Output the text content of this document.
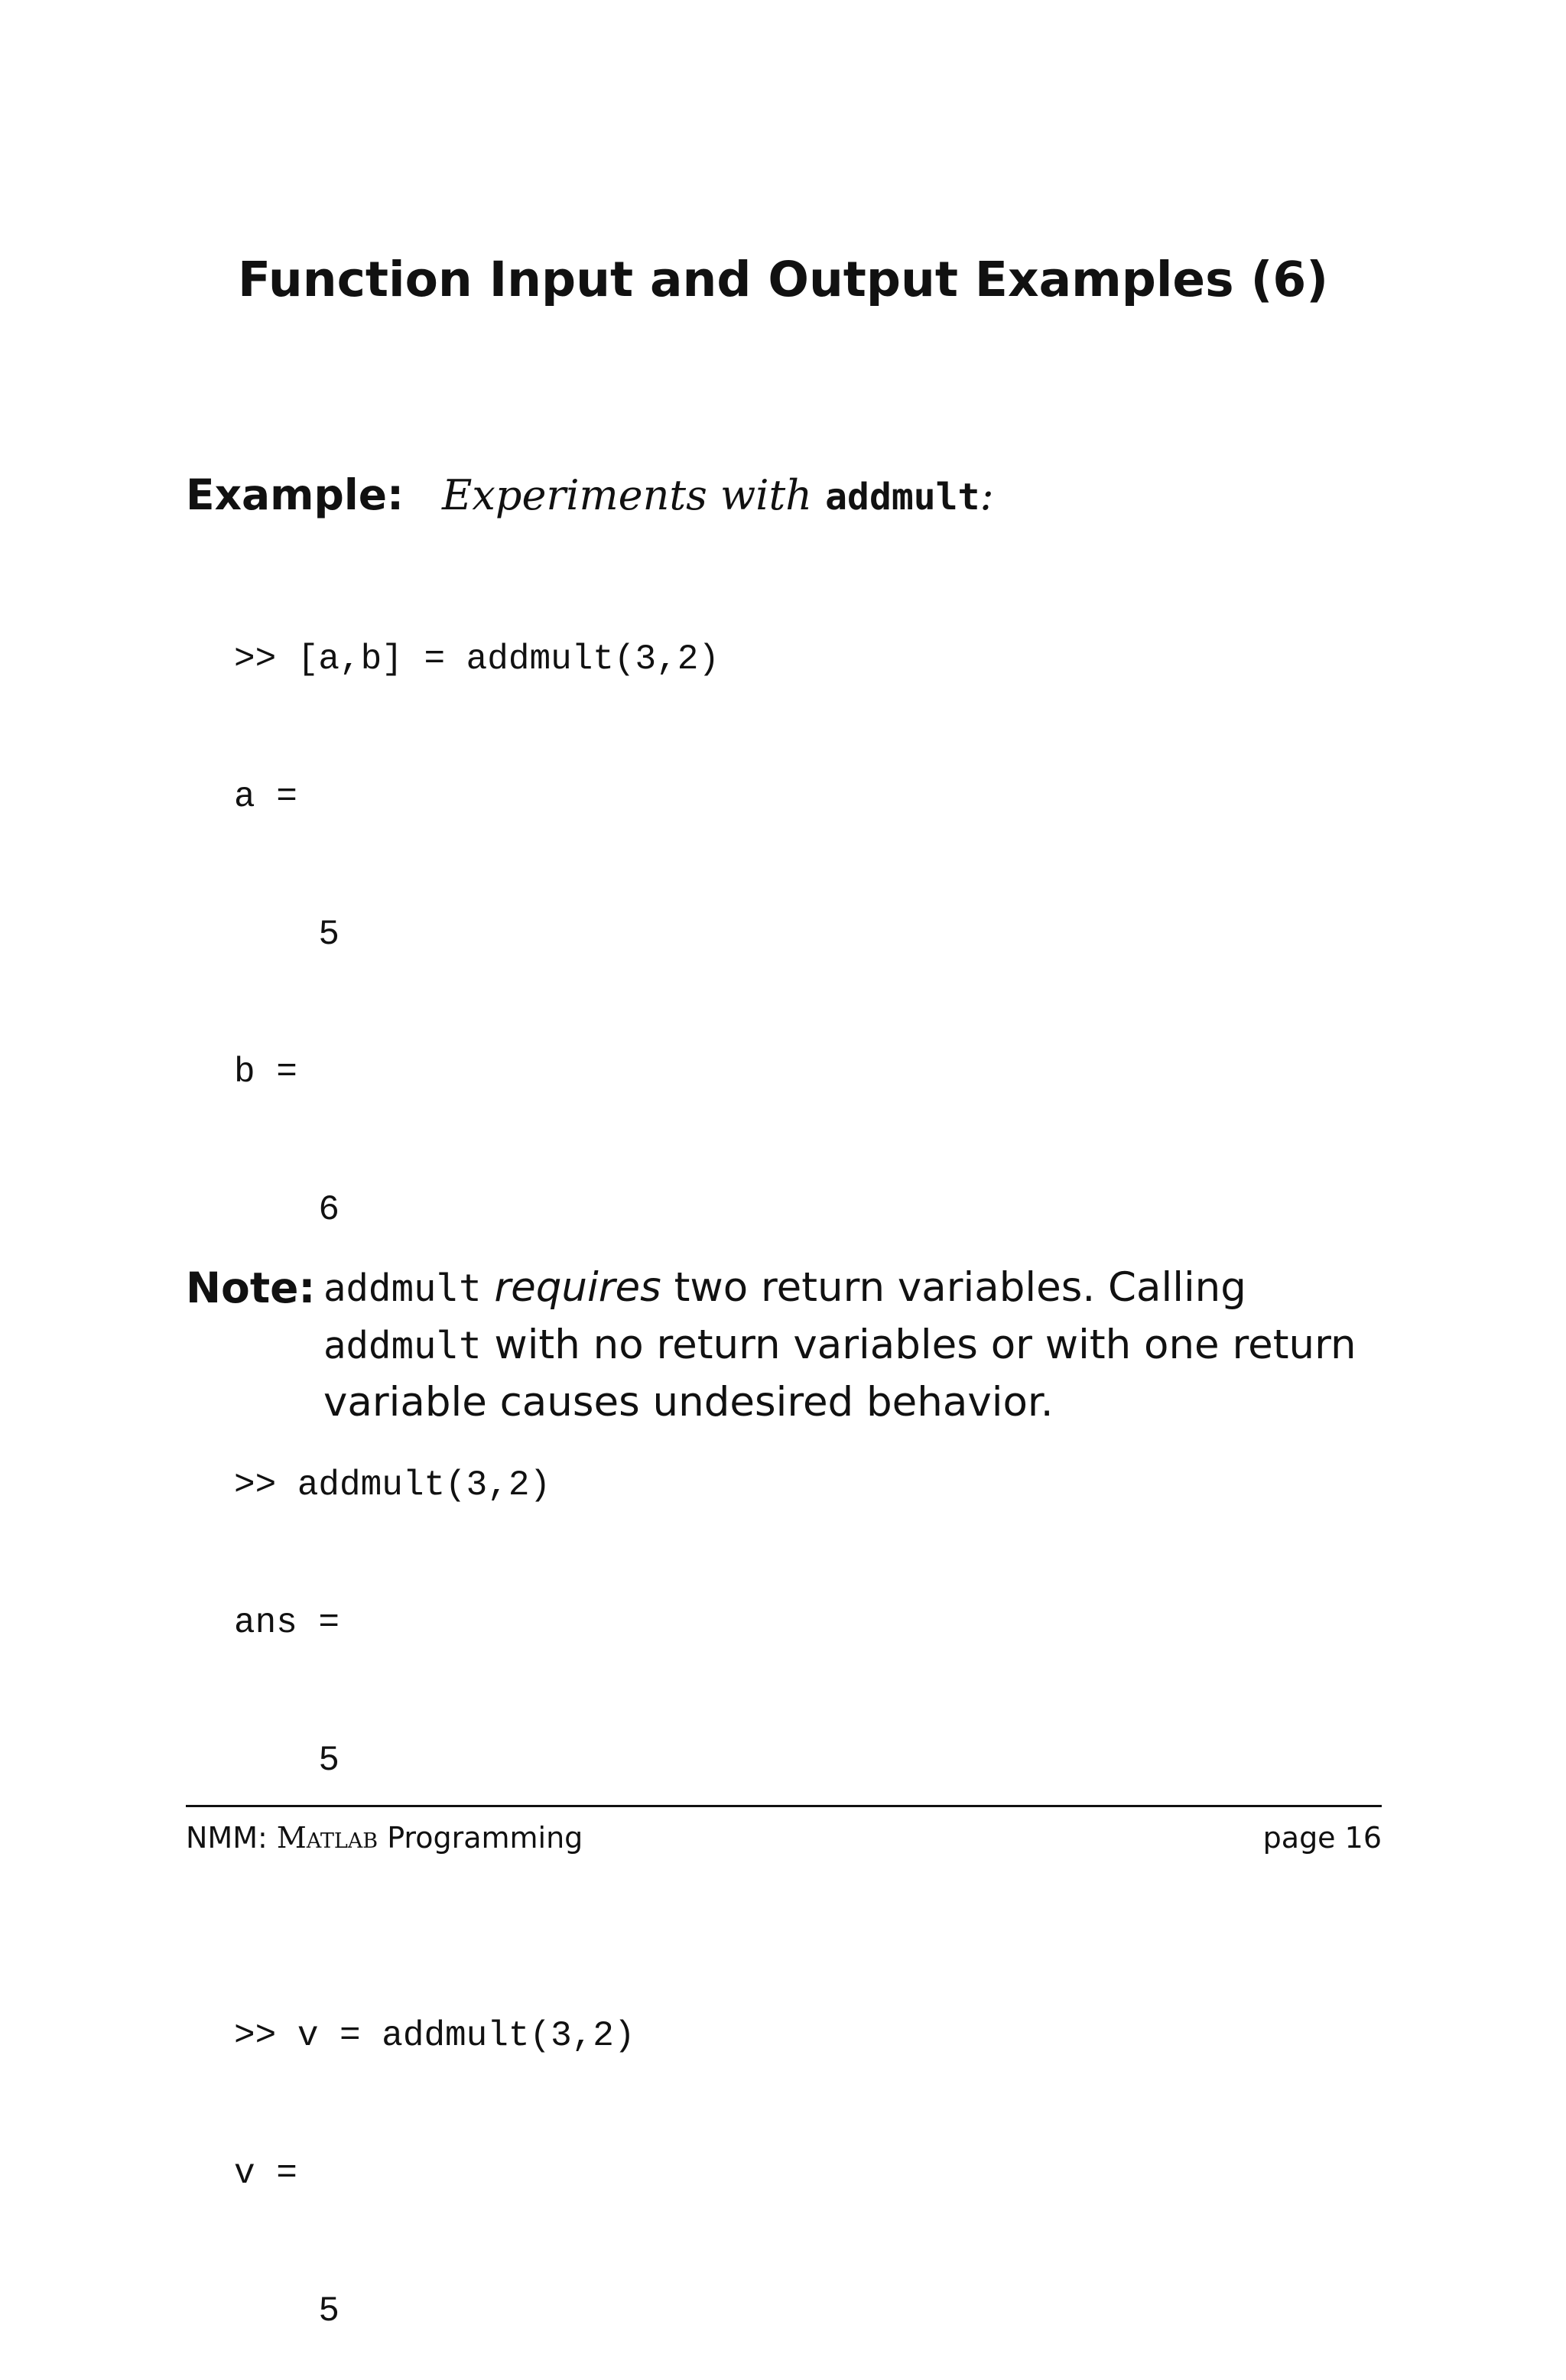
Function Input and Output Examples (6)
Example: Experiments with addmult:

>> [a,b] = addmult(3,2)

a =

5

b =

6

>> addmult(3,2)

ans =

5

>> v = addmult(3,2)

v =

5

Note: addmult requires two return variables. Calling addmult with no return variables or with one return variable causes undesired behavior.
NMM: Matlab Programming	page 16
